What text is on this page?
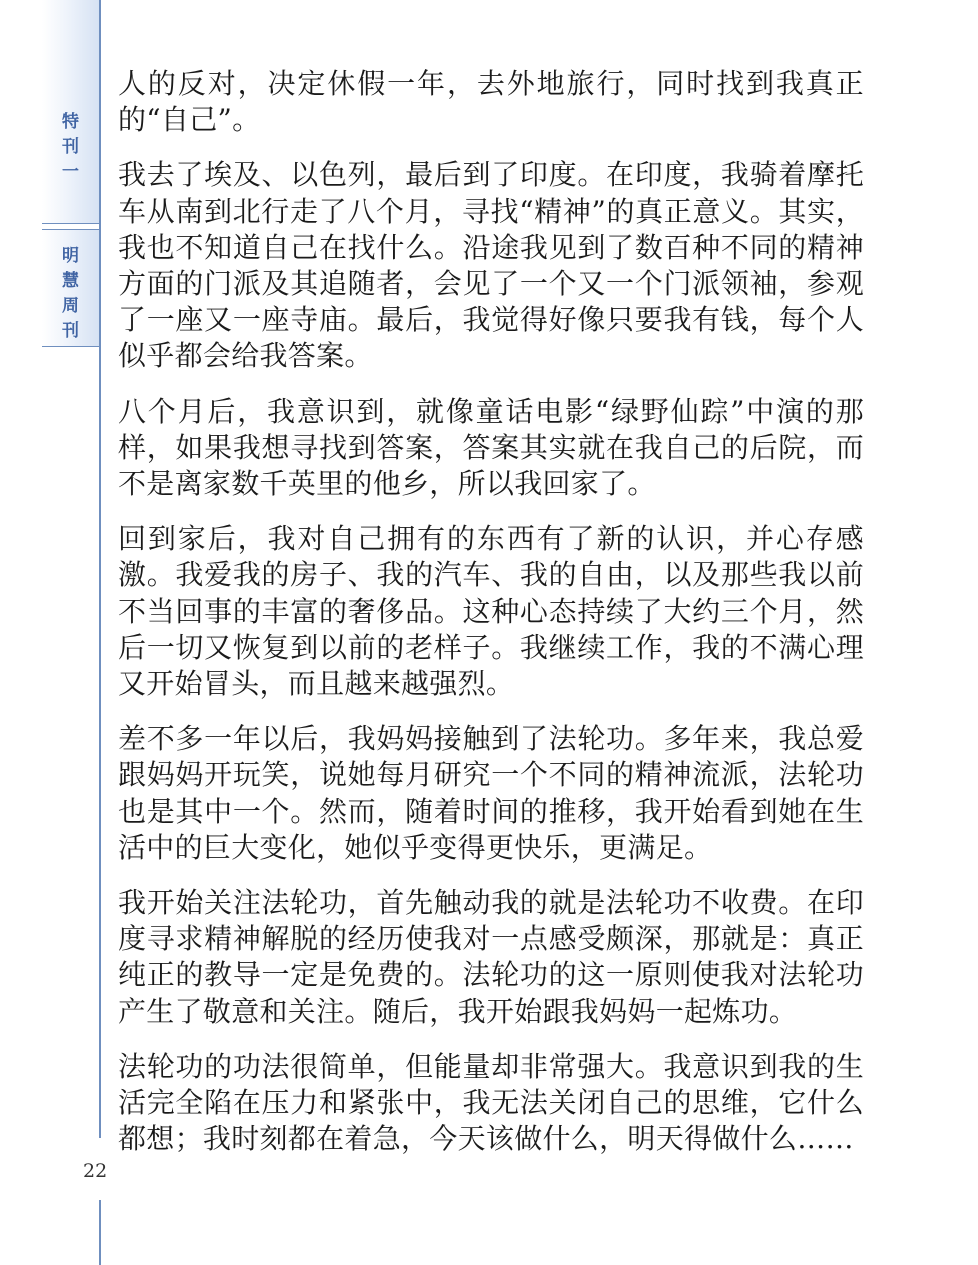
特
刊
一
明
慧
周
刊

人的反对，决定休假一年，去外地旅行，同时找到我真正的“自己”。

我去了埃及、以色列，最后到了印度。在印度，我骑着摩托车从南到北行走了八个月，寻找“精神”的真正意义。其实，我也不知道自己在找什么。沿途我见到了数百种不同的精神方面的门派及其追随者，会见了一个又一个门派领袖，参观了一座又一座寺庙。最后，我觉得好像只要我有钱，每个人似乎都会给我答案。

八个月后，我意识到，就像童话电影“绿野仙踪”中演的那样，如果我想寻找到答案，答案其实就在我自己的后院，而不是离家数千英里的他乡，所以我回家了。

回到家后，我对自己拥有的东西有了新的认识，并心存感激。我爱我的房子、我的汽车、我的自由，以及那些我以前不当回事的丰富的奢侈品。这种心态持续了大约三个月，然后一切又恢复到以前的老样子。我继续工作，我的不满心理又开始冒头，而且越来越强烈。

差不多一年以后，我妈妈接触到了法轮功。多年来，我总爱跟妈妈开玩笑，说她每月研究一个不同的精神流派，法轮功也是其中一个。然而，随着时间的推移，我开始看到她在生活中的巨大变化，她似乎变得更快乐，更满足。

我开始关注法轮功，首先触动我的就是法轮功不收费。在印度寻求精神解脱的经历使我对一点感受颇深，那就是：真正纯正的教导一定是免费的。法轮功的这一原则使我对法轮功产生了敬意和关注。随后，我开始跟我妈妈一起炼功。

法轮功的功法很简单，但能量却非常强大。我意识到我的生活完全陷在压力和紧张中，我无法关闭自己的思维，它什么都想；我时刻都在着急，今天该做什么，明天得做什么……

22
